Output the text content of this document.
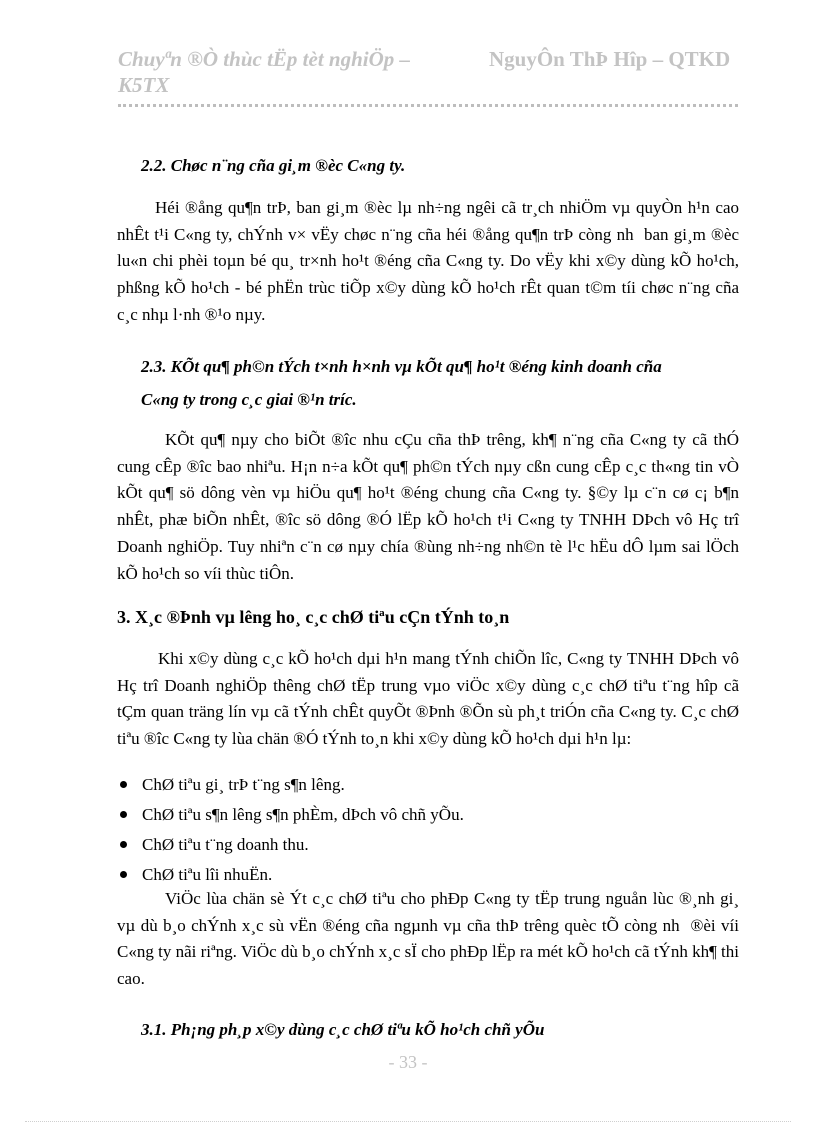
Chuyªn ®Ò thùc tËp tèt nghiÖp – K5TX
NguyÔn ThÞ Hîp – QTKD
2.2. Chøc n¨ng cña gi¸m ®èc C«ng ty.
Héi ®ång qu¶n trÞ, ban gi¸m ®èc lµ nh÷ng ngêi cã tr¸ch nhiÖm vµ quyÒn h¹n cao nhÊt t¹i C«ng ty, chÝnh v× vËy chøc n¨ng cña héi ®ång qu¶n trÞ còng nh  ban gi¸m ®èc lu«n chi phèi toµn bé qu¸ tr×nh ho¹t ®éng cña C«ng ty. Do vËy khi x©y dùng kÕ ho¹ch, phßng kÕ ho¹ch - bé phËn trùc tiÕp x©y dùng kÕ ho¹ch rÊt quan t©m tíi chøc n¨ng cña c¸c nhµ l·nh ®¹o nµy.
2.3. KÕt qu¶ ph©n tÝch t×nh h×nh vµ kÕt qu¶ ho¹t ®éng kinh doanh cña
C«ng ty trong c¸c giai ®¹n tríc.
KÕt qu¶ nµy cho biÕt ®îc nhu cÇu cña thÞ trêng, kh¶ n¨ng cña C«ng ty cã thÓ cung cÊp ®îc bao nhiªu. H¡n n÷a kÕt qu¶ ph©n tÝch nµy cßn cung cÊp c¸c th«ng tin vÒ kÕt qu¶ sö dông vèn vµ hiÖu qu¶ ho¹t ®éng chung cña C«ng ty. §©y lµ c¨n cø c¡ b¶n nhÊt, phæ biÕn nhÊt, ®îc sö dông ®Ó lËp kÕ ho¹ch t¹i C«ng ty TNHH DÞch vô Hç trî Doanh nghiÖp. Tuy nhiªn c¨n cø nµy chía ®ùng nh÷ng nh©n tè l¹c hËu dÔ lµm sai lÖch kÕ ho¹ch so víi thùc tiÔn.
3. X¸c ®Þnh vµ lêng ho¸ c¸c chØ tiªu cÇn tÝnh to¸n
Khi x©y dùng c¸c kÕ ho¹ch dµi h¹n mang tÝnh chiÕn lîc, C«ng ty TNHH DÞch vô Hç trî Doanh nghiÖp thêng chØ tËp trung vµo viÖc x©y dùng c¸c chØ tiªu t¨ng hîp cã tÇm quan träng lín vµ cã tÝnh chÊt quyÕt ®Þnh ®Õn sù ph¸t triÓn cña C«ng ty. C¸c chØ tiªu ®îc C«ng ty lùa chän ®Ó tÝnh to¸n khi x©y dùng kÕ ho¹ch dµi h¹n lµ:
ChØ tiªu gi¸ trÞ t¨ng s¶n lêng.
ChØ tiªu s¶n lêng s¶n phÈm, dÞch vô chñ yÕu.
ChØ tiªu t¨ng doanh thu.
ChØ tiªu lîi nhuËn.
ViÖc lùa chän sè Ýt c¸c chØ tiªu cho phÐp C«ng ty tËp trung nguån lùc ®¸nh gi¸ vµ dù b¸o chÝnh x¸c sù vËn ®éng cña ngµnh vµ cña thÞ trêng quèc tÕ còng nh  ®èi víi C«ng ty nãi riªng. ViÖc dù b¸o chÝnh x¸c sÏ cho phÐp lËp ra mét kÕ ho¹ch cã tÝnh kh¶ thi cao.
3.1. Ph¡ng ph¸p x©y dùng c¸c chØ tiªu kÕ ho¹ch chñ yÕu
- 33 -
